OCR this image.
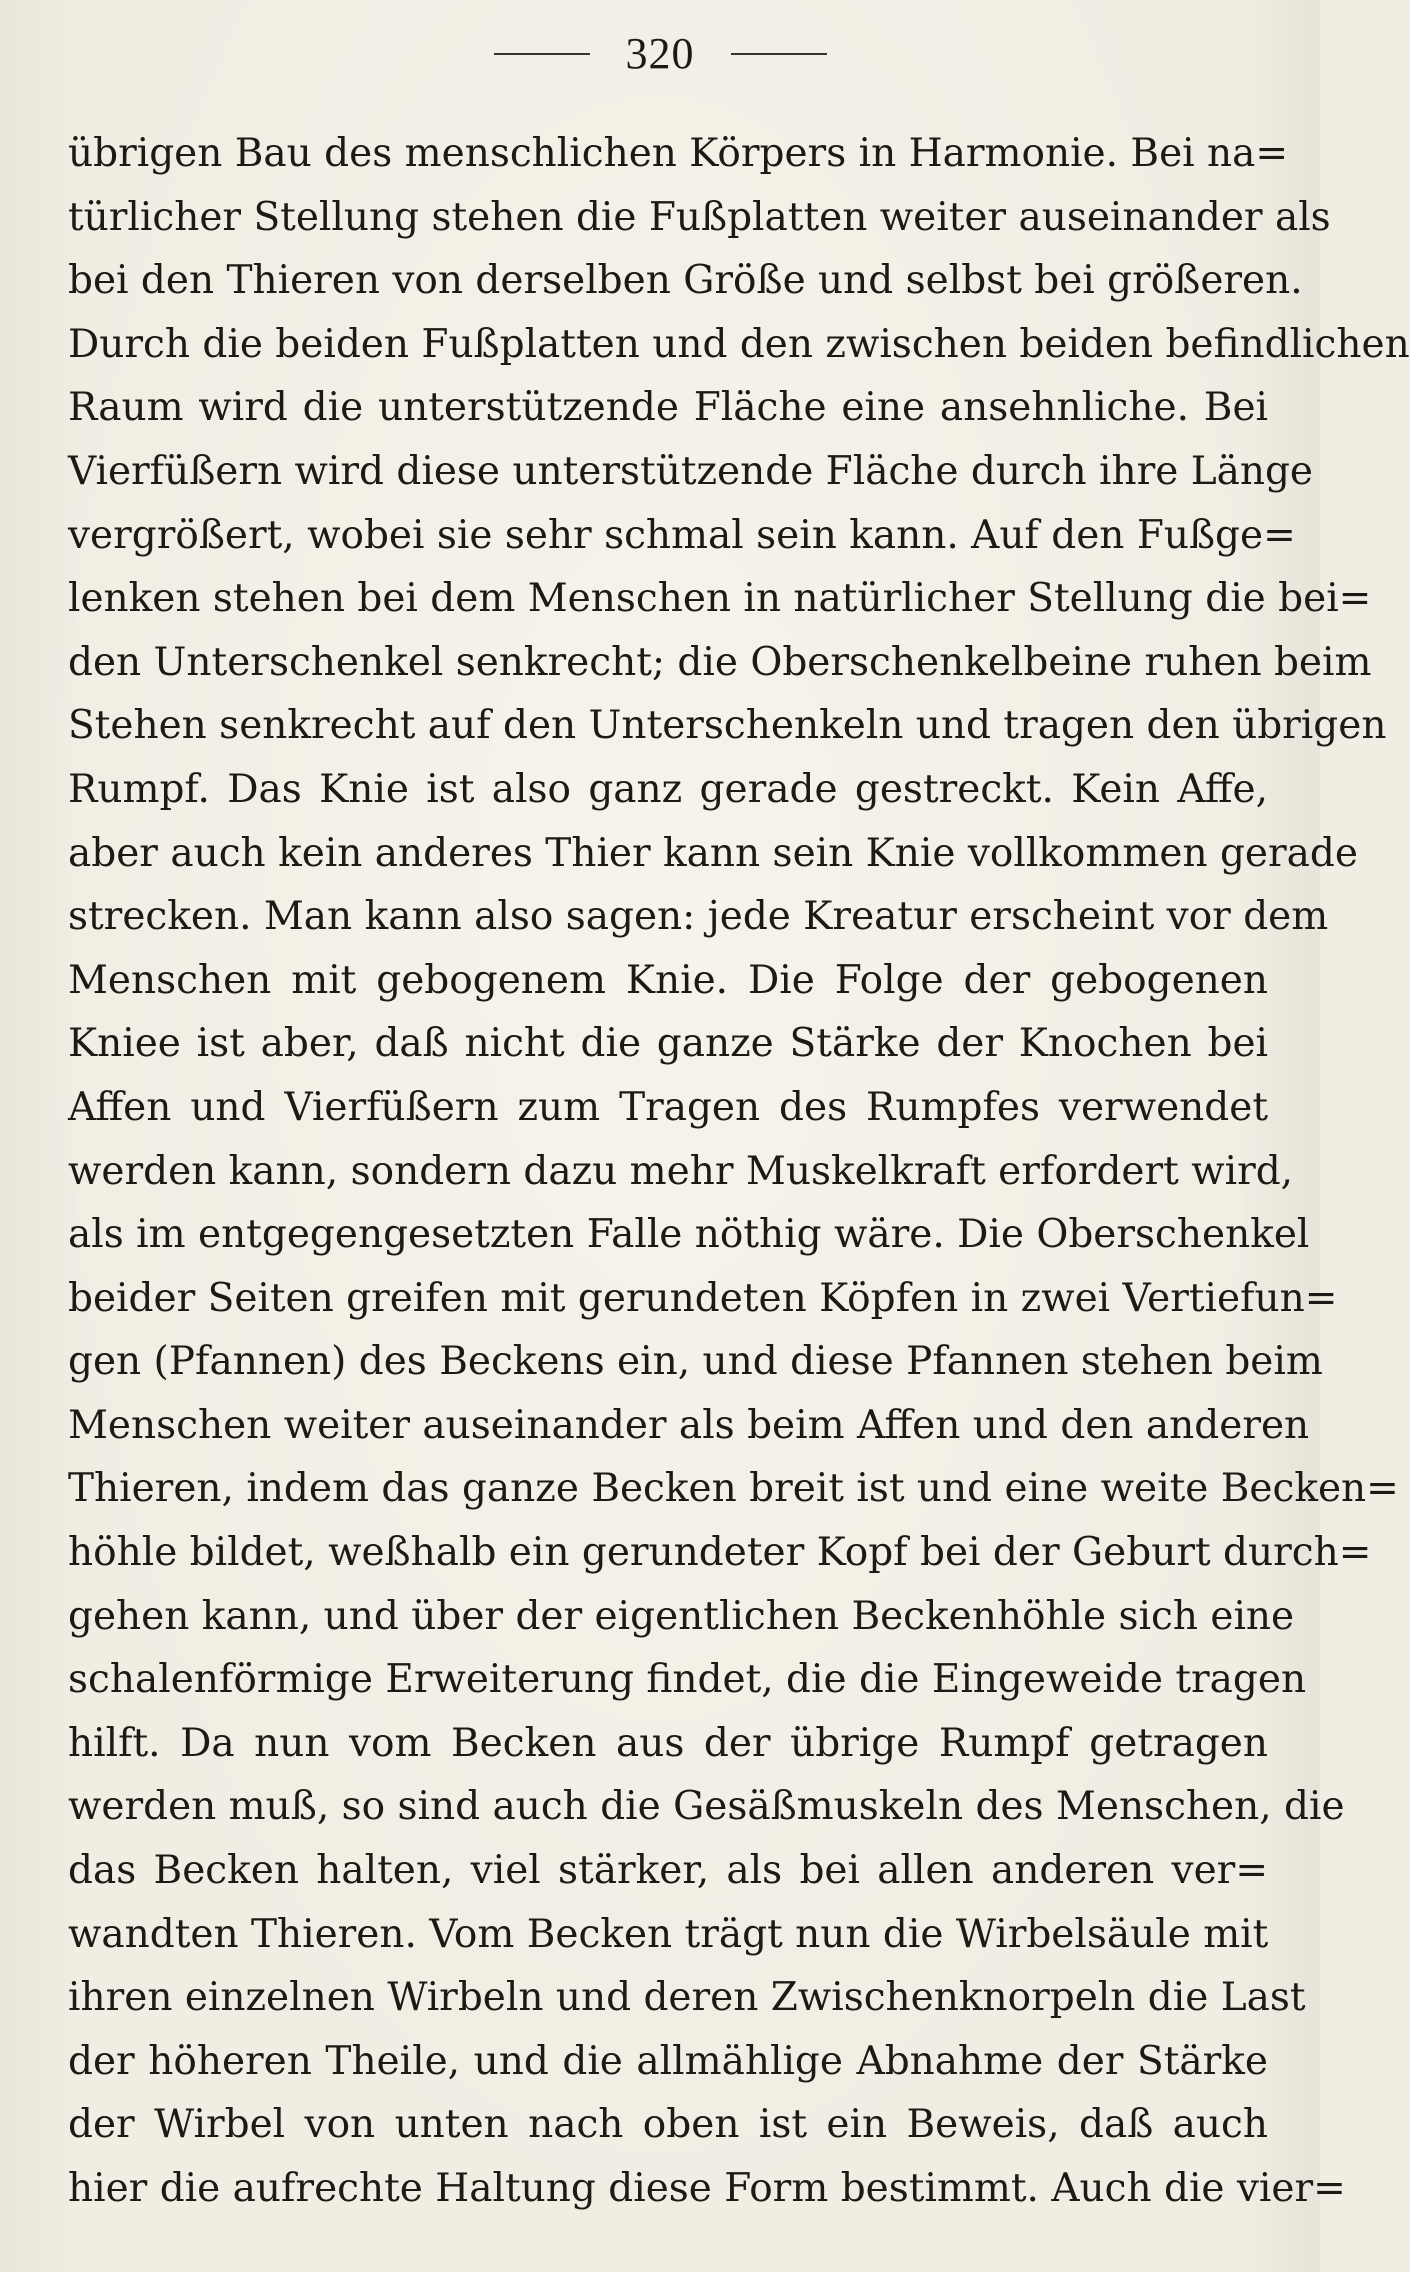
320
übrigen Bau des menschlichen Körpers in Harmonie. Bei na=
türlicher Stellung stehen die Fußplatten weiter auseinander als
bei den Thieren von derselben Größe und selbst bei größeren.
Durch die beiden Fußplatten und den zwischen beiden befindlichen
Raum wird die unterstützende Fläche eine ansehnliche. Bei
Vierfüßern wird diese unterstützende Fläche durch ihre Länge
vergrößert, wobei sie sehr schmal sein kann. Auf den Fußge=
lenken stehen bei dem Menschen in natürlicher Stellung die bei=
den Unterschenkel senkrecht; die Oberschenkelbeine ruhen beim
Stehen senkrecht auf den Unterschenkeln und tragen den übrigen
Rumpf. Das Knie ist also ganz gerade gestreckt. Kein Affe,
aber auch kein anderes Thier kann sein Knie vollkommen gerade
strecken. Man kann also sagen: jede Kreatur erscheint vor dem
Menschen mit gebogenem Knie. Die Folge der gebogenen
Kniee ist aber, daß nicht die ganze Stärke der Knochen bei
Affen und Vierfüßern zum Tragen des Rumpfes verwendet
werden kann, sondern dazu mehr Muskelkraft erfordert wird,
als im entgegengesetzten Falle nöthig wäre. Die Oberschenkel
beider Seiten greifen mit gerundeten Köpfen in zwei Vertiefun=
gen (Pfannen) des Beckens ein, und diese Pfannen stehen beim
Menschen weiter auseinander als beim Affen und den anderen
Thieren, indem das ganze Becken breit ist und eine weite Becken=
höhle bildet, weßhalb ein gerundeter Kopf bei der Geburt durch=
gehen kann, und über der eigentlichen Beckenhöhle sich eine
schalenförmige Erweiterung findet, die die Eingeweide tragen
hilft. Da nun vom Becken aus der übrige Rumpf getragen
werden muß, so sind auch die Gesäßmuskeln des Menschen, die
das Becken halten, viel stärker, als bei allen anderen ver=
wandten Thieren. Vom Becken trägt nun die Wirbelsäule mit
ihren einzelnen Wirbeln und deren Zwischenknorpeln die Last
der höheren Theile, und die allmählige Abnahme der Stärke
der Wirbel von unten nach oben ist ein Beweis, daß auch
hier die aufrechte Haltung diese Form bestimmt. Auch die vier=
